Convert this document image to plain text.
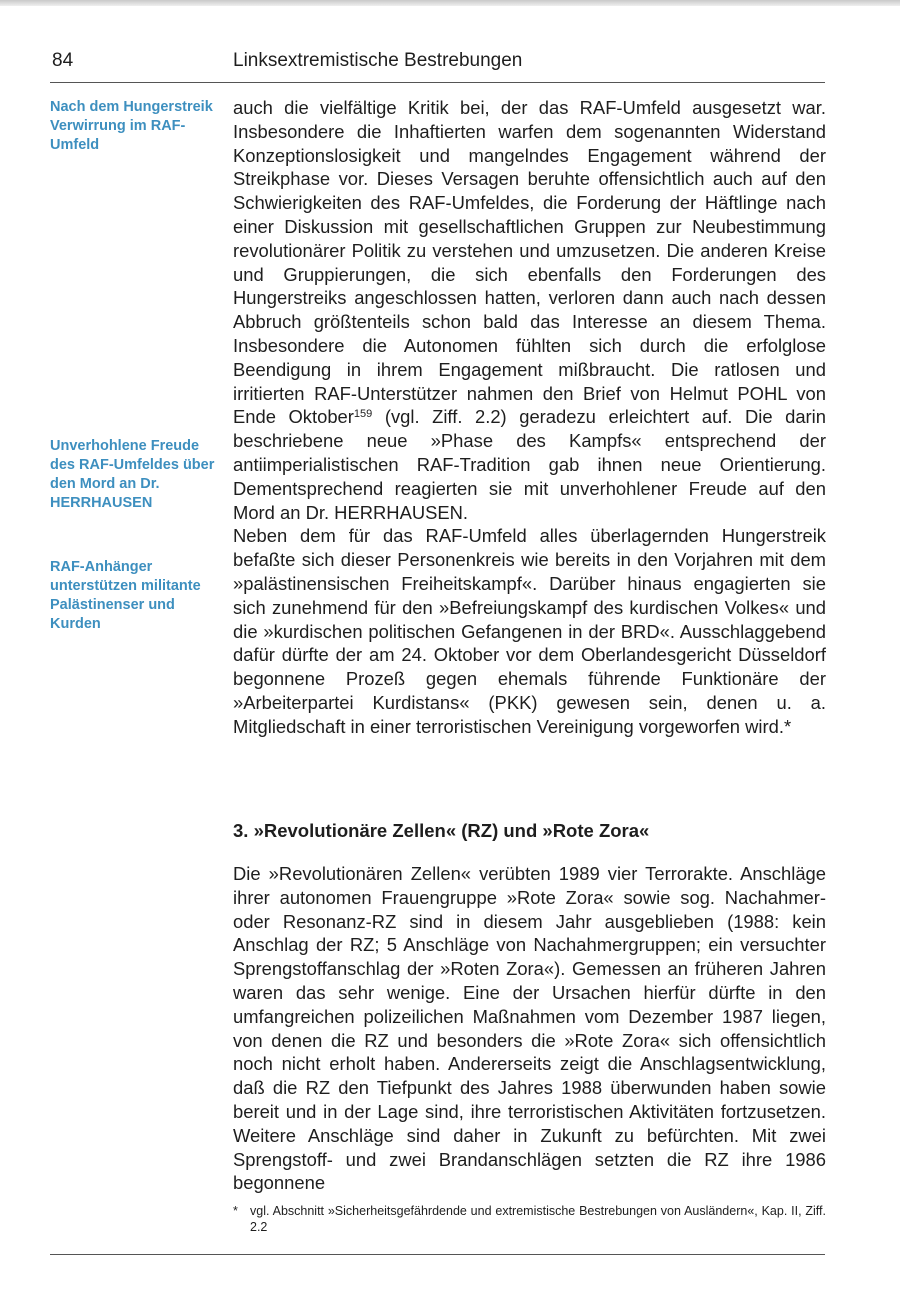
84	Linksextremistische Bestrebungen
Nach dem Hungerstreik Verwirrung im RAF-Umfeld
Unverhohlene Freude des RAF-Umfeldes über den Mord an Dr. HERRHAUSEN
RAF-Anhänger unterstützen militante Palästinenser und Kurden

auch die vielfältige Kritik bei, der das RAF-Umfeld ausgesetzt war. Insbesondere die Inhaftierten warfen dem sogenannten Widerstand Konzeptionslosigkeit und mangelndes Engagement während der Streikphase vor. Dieses Versagen beruhte offensichtlich auch auf den Schwierigkeiten des RAF-Umfeldes, die Forderung der Häftlinge nach einer Diskussion mit gesellschaftlichen Gruppen zur Neubestimmung revolutionärer Politik zu verstehen und umzusetzen. Die anderen Kreise und Gruppierungen, die sich ebenfalls den Forderungen des Hungerstreiks angeschlossen hatten, verloren dann auch nach dessen Abbruch größtenteils schon bald das Interesse an diesem Thema. Insbesondere die Autonomen fühlten sich durch die erfolglose Beendigung in ihrem Engagement mißbraucht. Die ratlosen und irritierten RAF-Unterstützer nahmen den Brief von Helmut POHL von Ende Oktober$^{159}$ (vgl. Ziff. 2.2) geradezu erleichtert auf. Die darin beschriebene neue »Phase des Kampfs« entsprechend der antiimperialistischen RAF-Tradition gab ihnen neue Orientierung. Dementsprechend reagierten sie mit unverhohlener Freude auf den Mord an Dr. HERRHAUSEN.

Neben dem für das RAF-Umfeld alles überlagernden Hungerstreik befaßte sich dieser Personenkreis wie bereits in den Vorjahren mit dem »palästinensischen Freiheitskampf«. Darüber hinaus engagierten sie sich zunehmend für den »Befreiungskampf des kurdischen Volkes« und die »kurdischen politischen Gefangenen in der BRD«. Ausschlaggebend dafür dürfte der am 24. Oktober vor dem Oberlandesgericht Düsseldorf begonnene Prozeß gegen ehemals führende Funktionäre der »Arbeiterpartei Kurdistans« (PKK) gewesen sein, denen u. a. Mitgliedschaft in einer terroristischen Vereinigung vorgeworfen wird.*

3. »Revolutionäre Zellen« (RZ) und »Rote Zora«

Die »Revolutionären Zellen« verübten 1989 vier Terrorakte. Anschläge ihrer autonomen Frauengruppe »Rote Zora« sowie sog. Nachahmer- oder Resonanz-RZ sind in diesem Jahr ausgeblieben (1988: kein Anschlag der RZ; 5 Anschläge von Nachahmergruppen; ein versuchter Sprengstoffanschlag der »Roten Zora«). Gemessen an früheren Jahren waren das sehr wenige. Eine der Ursachen hierfür dürfte in den umfangreichen polizeilichen Maßnahmen vom Dezember 1987 liegen, von denen die RZ und besonders die »Rote Zora« sich offensichtlich noch nicht erholt haben. Andererseits zeigt die Anschlagsentwicklung, daß die RZ den Tiefpunkt des Jahres 1988 überwunden haben sowie bereit und in der Lage sind, ihre terroristischen Aktivitäten fortzusetzen. Weitere Anschläge sind daher in Zukunft zu befürchten. Mit zwei Sprengstoff- und zwei Brandanschlägen setzten die RZ ihre 1986 begonnene

* vgl. Abschnitt »Sicherheitsgefährdende und extremistische Bestrebungen von Ausländern«, Kap. II, Ziff. 2.2
